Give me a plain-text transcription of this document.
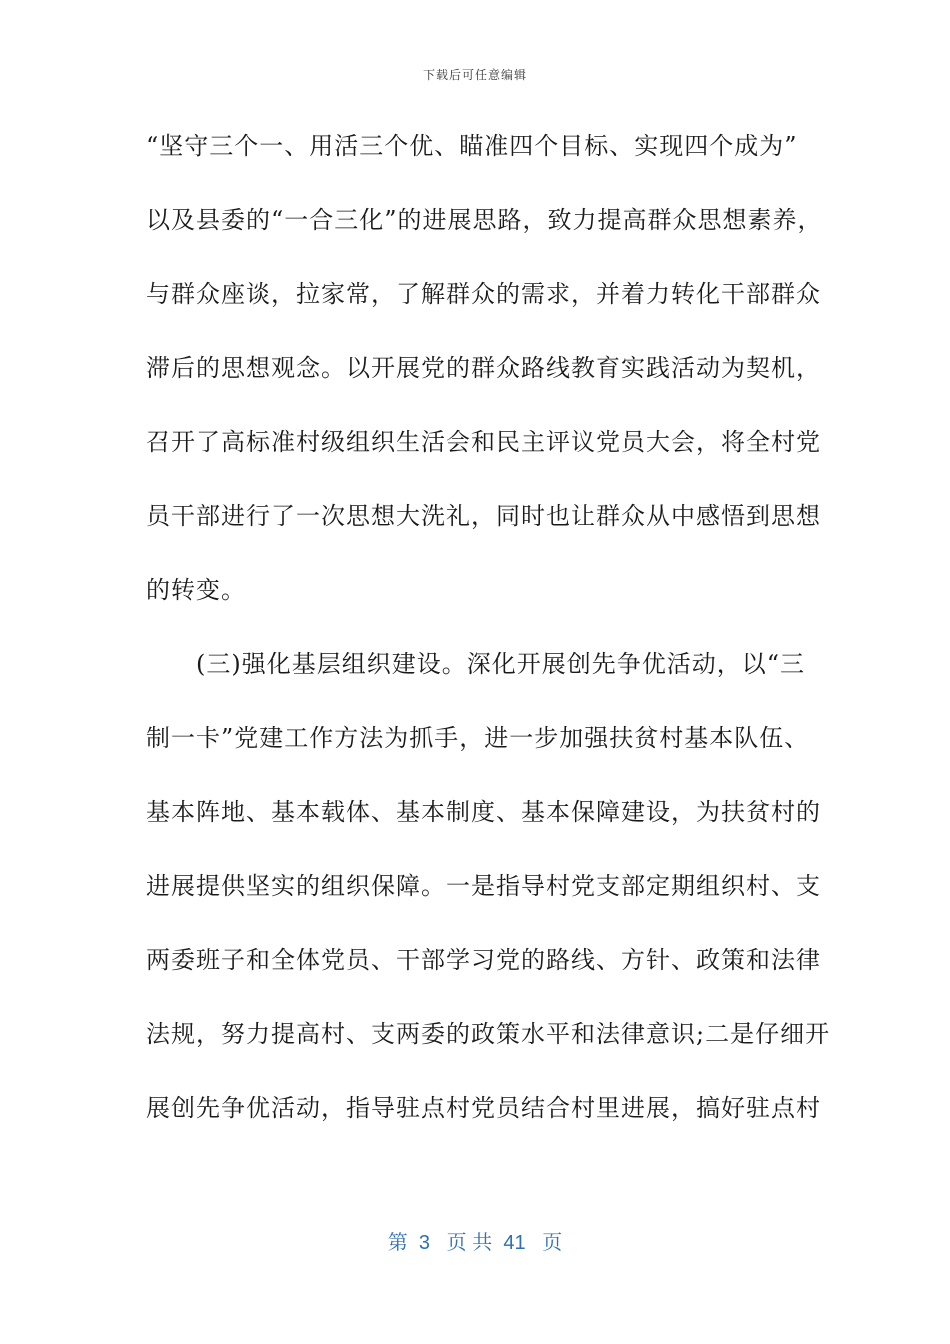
下载后可任意编辑
“坚守三个一、用活三个优、瞄准四个目标、实现四个成为”
以及县委的“一合三化”的进展思路，致力提高群众思想素养，
与群众座谈，拉家常，了解群众的需求，并着力转化干部群众
滞后的思想观念。以开展党的群众路线教育实践活动为契机，
召开了高标准村级组织生活会和民主评议党员大会，将全村党
员干部进行了一次思想大洗礼，同时也让群众从中感悟到思想
的转变。
　　(三)强化基层组织建设。深化开展创先争优活动，以“三
制一卡”党建工作方法为抓手，进一步加强扶贫村基本队伍、
基本阵地、基本载体、基本制度、基本保障建设，为扶贫村的
进展提供坚实的组织保障。一是指导村党支部定期组织村、支
两委班子和全体党员、干部学习党的路线、方针、政策和法律
法规，努力提高村、支两委的政策水平和法律意识;二是仔细开
展创先争优活动，指导驻点村党员结合村里进展，搞好驻点村
第  3   页 共  41   页
